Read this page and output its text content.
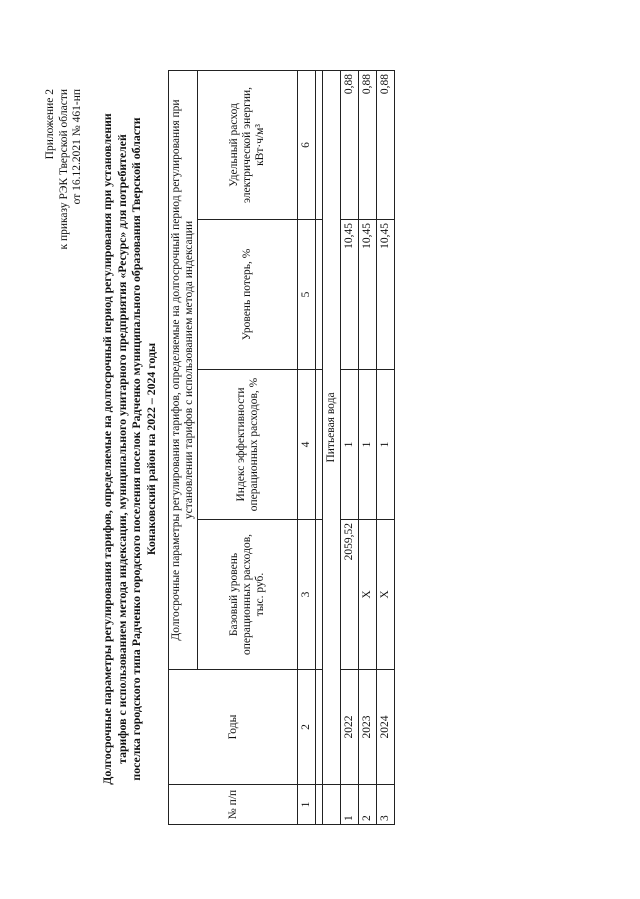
Приложение 2 к приказу РЭК Тверской области от 16.12.2021 № 461-нп Долгосрочные параметры регулирования тарифов, определяемые на долгосрочный период регулирования при установлении тарифов с использованием метода индексации, муниципального унитарного предприятия «Ресурс» для потребителей поселка городского типа Радченко городского поселения поселок Радченко муниципального образования Тверской области Конаковский район на 2022 – 2024 годы
№ п/п	Годы	Долгосрочные параметры регулирования тарифов, определяемые на долгосрочный период регулирования при установлении тарифов с использованием метода индексации			
		Базовый уровень операционных расходов, тыс. руб.	Индекс эффективности операционных расходов, %	Уровень потерь, %	Удельный расход электрической энергии, кВт·ч/м³
1	2	3	4	5	6

	Питьевая вода				
1	2022	2059,52	1	10,45	0,88
2	2023	Х	1	10,45	0,88
3	2024	Х	1	10,45	0,88
